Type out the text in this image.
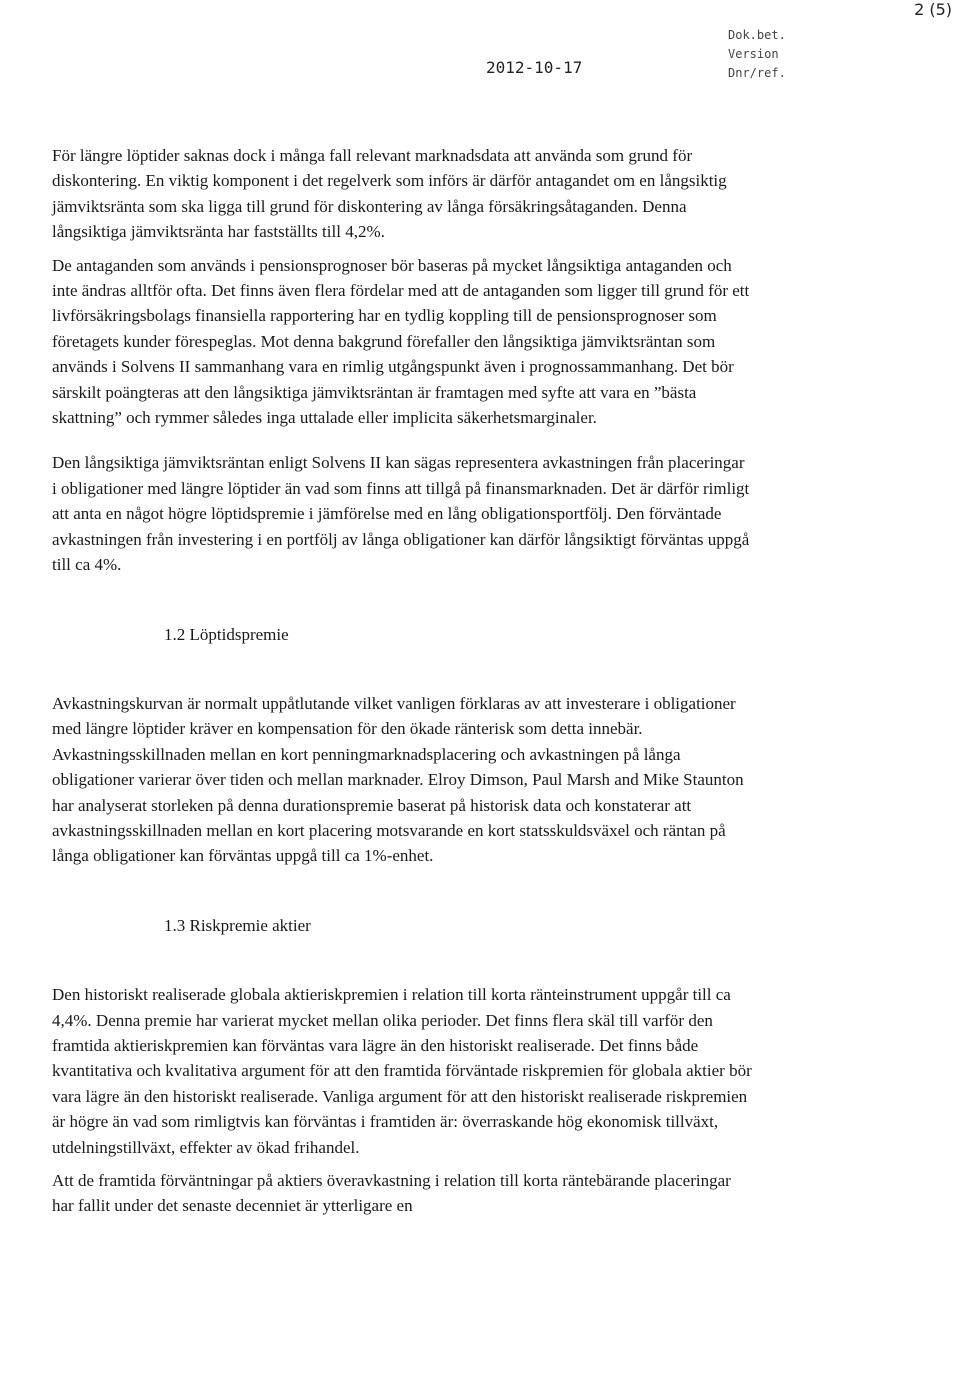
2 (5)
2012-10-17
Dok.bet.
Version
Dnr/ref.

För längre löptider saknas dock i många fall relevant marknadsdata att använda som grund för diskontering. En viktig komponent i det regelverk som införs är därför antagandet om en långsiktig jämviktsränta som ska ligga till grund för diskontering av långa försäkringsåtaganden. Denna långsiktiga jämviktsränta har fastställts till 4,2%.

De antaganden som används i pensionsprognoser bör baseras på mycket långsiktiga antaganden och inte ändras alltför ofta. Det finns även flera fördelar med att de antaganden som ligger till grund för ett livförsäkringsbolags finansiella rapportering har en tydlig koppling till de pensionsprognoser som företagets kunder förespeglas. Mot denna bakgrund förefaller den långsiktiga jämviktsräntan som används i Solvens II sammanhang vara en rimlig utgångspunkt även i prognossammanhang. Det bör särskilt poängteras att den långsiktiga jämviktsräntan är framtagen med syfte att vara en ”bästa skattning” och rymmer således inga uttalade eller implicita säkerhetsmarginaler.

Den långsiktiga jämviktsräntan enligt Solvens II kan sägas representera avkastningen från placeringar i obligationer med längre löptider än vad som finns att tillgå på finansmarknaden. Det är därför rimligt att anta en något högre löptidspremie i jämförelse med en lång obligationsportfölj. Den förväntade avkastningen från investering i en portfölj av långa obligationer kan därför långsiktigt förväntas uppgå till ca 4%.

1.2 Löptidspremie

Avkastningskurvan är normalt uppåtlutande vilket vanligen förklaras av att investerare i obligationer med längre löptider kräver en kompensation för den ökade ränterisk som detta innebär. Avkastningsskillnaden mellan en kort penningmarknadsplacering och avkastningen på långa obligationer varierar över tiden och mellan marknader. Elroy Dimson, Paul Marsh and Mike Staunton har analyserat storleken på denna durationspremie baserat på historisk data och konstaterar att avkastningsskillnaden mellan en kort placering motsvarande en kort statsskuldsväxel och räntan på långa obligationer kan förväntas uppgå till ca 1%-enhet.

1.3 Riskpremie aktier

Den historiskt realiserade globala aktieriskpremien i relation till korta ränteinstrument uppgår till ca 4,4%. Denna premie har varierat mycket mellan olika perioder. Det finns flera skäl till varför den framtida aktieriskpremien kan förväntas vara lägre än den historiskt realiserade. Det finns både kvantitativa och kvalitativa argument för att den framtida förväntade riskpremien för globala aktier bör vara lägre än den historiskt realiserade. Vanliga argument för att den historiskt realiserade riskpremien är högre än vad som rimligtvis kan förväntas i framtiden är: överraskande hög ekonomisk tillväxt, utdelningstillväxt, effekter av ökad frihandel.

Att de framtida förväntningar på aktiers överavkastning i relation till korta räntebärande placeringar har fallit under det senaste decenniet är ytterligare en
